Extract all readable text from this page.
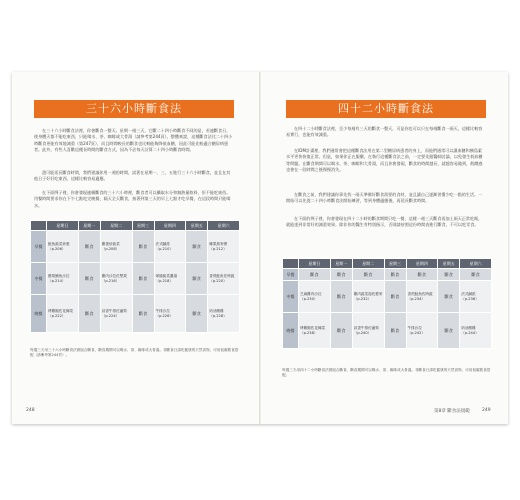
三十六小時斷食法

在三十六小時斷食法裡，你會斷食一整天。星期一週三天，它斷二十四小時斷食不同的是，若連斷食日，使身體天都不能吃東西，只能喝水、茶、咖啡或大骨湯（請參考第244頁）。整體來說，這種斷食法比二十四小時斷食更能有效地減重（第247頁），而且時間較長的斷食也比較能夠降低血糖，因此可能比較適合糖尿病患者。此外，有些人喜歡這種長時間的斷食方式，因為不必每天計算二十四小時斷食時間。

盡可能延長斷食時間，我們建議你用一週的時間，試著在星期一、三、五進行三十六小時斷食，並且在其他日子好好吃東西，這樣比較容易適應。

在下面例子裡，你會發現連續斷食的三十六小時裡，斷食者可以攝取水分和無熱量飲料，但不能吃東西。用餐時間要求你在下午七點吃完晚餐，隔天全天斷食，接著到第三天的早上七點才吃早餐，在這段時間只能喝水。

	星期日	星期一	星期二	星期三	星期四	星期五	星期六
早餐	鮭魚蔬菜炒蛋（p.206）	斷食	雞蛋炒菠菜（p.208）	斷食	法式鹹派（p.210）	斷食	椰果燕麥粥（p.212）
中餐	酪梨鮪魚沙拉（p.214）	斷食	雞肉沙拉佐堅果（p.216）	斷食	翠綠蔬菜濃湯（p.218）	斷食	香煎鮭魚佐時蔬（p.220）
晚餐	烤雞腿佐花椰菜（p.222）	斷食	蒜香牛排佐蘆筍（p.224）	斷食	牛排沙拉（p.226）	斷食	奶油燉雞（p.228）

每週三天用三十六小時斷食法做組合斷食，斷食期間可以喝水、茶、咖啡或大骨湯。非斷食日請吃健康的天然食物，可用低碳飲食搭配（請參考第244頁）。

248
四十二小時斷食法

在四十二小時斷食法裡，至少每週有三天的斷食一整天，可是你也可以只在每週斷食一兩天，這樣比較容易實行，也能有效減重。

在IDM計畫裡，我們通常會把這種斷食法用在第二型糖尿病患者的身上，而他們通常可以讓血糖和胰島素水平更快恢復正常。但是，如果你正在服藥，在執行這種斷食法之前，一定要先跟醫師討論，以免發生低血糖等問題。在斷食期間可以喝水、茶、咖啡和大骨湯，而且你會發現，斷食的時間越長，就越容易做到，飢餓感也會在一段時間之後慢慢消失。

在斷食之前，我們建議你事先找一兩天準備好斷食需要的食材，並且讓自己逐漸習慣少吃一點的生活。一開始可以先從二十四小時斷食法開始練習，等到身體適應後，再延長斷食時間。

在下面的例子裡，你會發現在四十二小時的斷食期間只吃一餐，這樣一週三天斷食再加上兩天正常吃飯，就能達到非常好的減重效果。除非你的醫生有特別指示，否則請按照這份時間表進行斷食，不可以吃零食。

	星期日	星期一	星期二	星期三	星期四	星期五	星期六
早餐	斷食	斷食	斷食	斷食	斷食	斷食	斷食
中餐	芝麻雞肉沙拉（p.230）	斷食	雞肉蔬菜湯佐藜麥（p.232）	斷食	香煎鮭魚佐時蔬（p.234）	斷食	法式鹹派（p.236）
晚餐	烤雞腿佐花椰菜（p.238）	斷食	蒜香牛排佐蘆筍（p.240）	斷食	牛排沙拉（p.242）	斷食	奶油燉雞（p.244）

每週三天用四十二小時斷食法做組合斷食，斷食期間可以喝水、茶、咖啡或大骨湯。非斷食日請吃健康的天然食物，可用低碳飲食搭配。

第8章 斷食法規範	249
